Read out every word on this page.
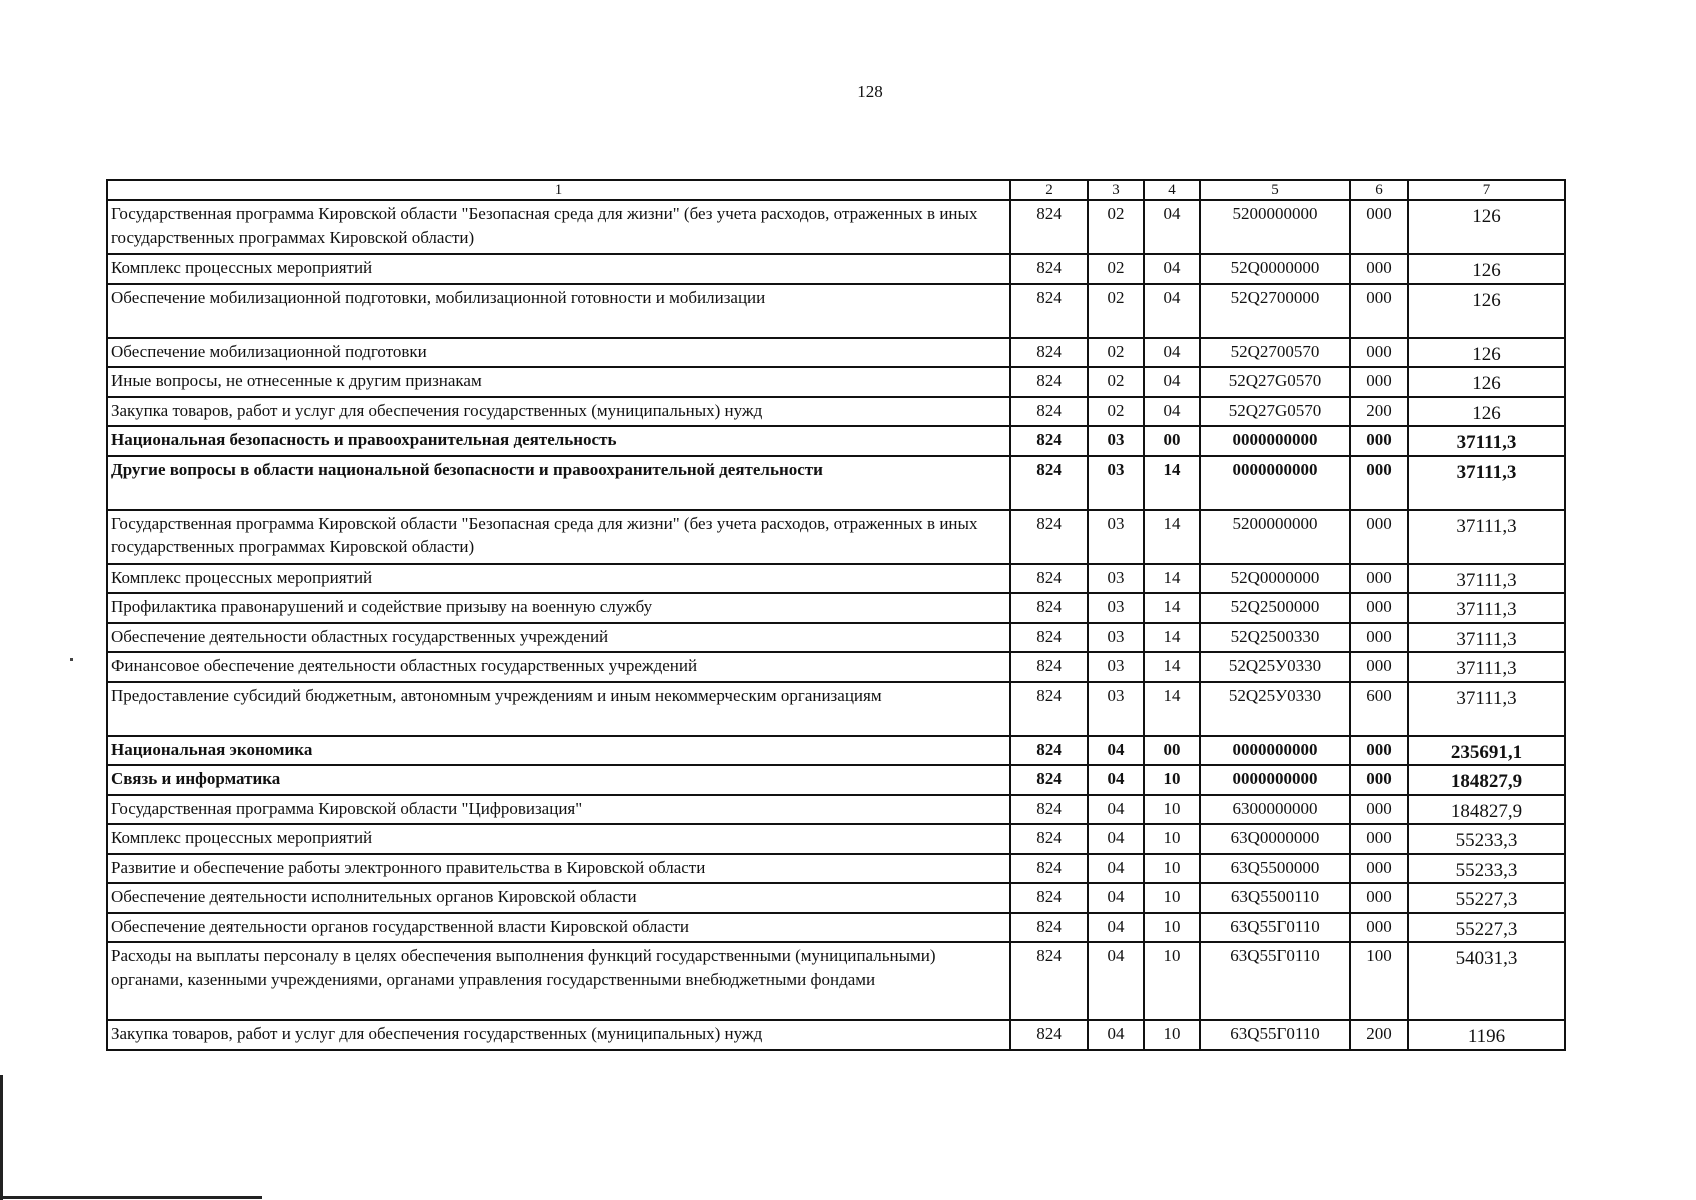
128
1	2	3	4	5	6	7
Государственная программа Кировской области "Безопасная среда для жизни" (без учета расходов, отраженных в иных государственных программах Кировской области)	824	02	04	5200000000	000	126
Комплекс процессных мероприятий	824	02	04	52Q0000000	000	126
Обеспечение мобилизационной подготовки, мобилизационной готовности и мобилизации	824	02	04	52Q2700000	000	126
Обеспечение мобилизационной подготовки	824	02	04	52Q2700570	000	126
Иные вопросы, не отнесенные к другим признакам	824	02	04	52Q27G0570	000	126
Закупка товаров, работ и услуг для обеспечения государственных (муниципальных) нужд	824	02	04	52Q27G0570	200	126
Национальная безопасность и правоохранительная деятельность	824	03	00	0000000000	000	37111,3
Другие вопросы в области национальной безопасности и правоохранительной деятельности	824	03	14	0000000000	000	37111,3
Государственная программа Кировской области "Безопасная среда для жизни" (без учета расходов, отраженных в иных государственных программах Кировской области)	824	03	14	5200000000	000	37111,3
Комплекс процессных мероприятий	824	03	14	52Q0000000	000	37111,3
Профилактика правонарушений и содействие призыву на военную службу	824	03	14	52Q2500000	000	37111,3
Обеспечение деятельности областных государственных учреждений	824	03	14	52Q2500330	000	37111,3
Финансовое обеспечение деятельности областных государственных учреждений	824	03	14	52Q25У0330	000	37111,3
Предоставление субсидий бюджетным, автономным учреждениям и иным некоммерческим организациям	824	03	14	52Q25У0330	600	37111,3
Национальная экономика	824	04	00	0000000000	000	235691,1
Связь и информатика	824	04	10	0000000000	000	184827,9
Государственная программа Кировской области "Цифровизация"	824	04	10	6300000000	000	184827,9
Комплекс процессных мероприятий	824	04	10	63Q0000000	000	55233,3
Развитие и обеспечение работы электронного правительства в Кировской области	824	04	10	63Q5500000	000	55233,3
Обеспечение деятельности исполнительных органов Кировской области	824	04	10	63Q5500110	000	55227,3
Обеспечение деятельности органов государственной власти Кировской области	824	04	10	63Q55Г0110	000	55227,3
Расходы на выплаты персоналу в целях обеспечения выполнения функций государственными (муниципальными) органами, казенными учреждениями, органами управления государственными внебюджетными фондами	824	04	10	63Q55Г0110	100	54031,3
Закупка товаров, работ и услуг для обеспечения государственных (муниципальных) нужд	824	04	10	63Q55Г0110	200	1196
